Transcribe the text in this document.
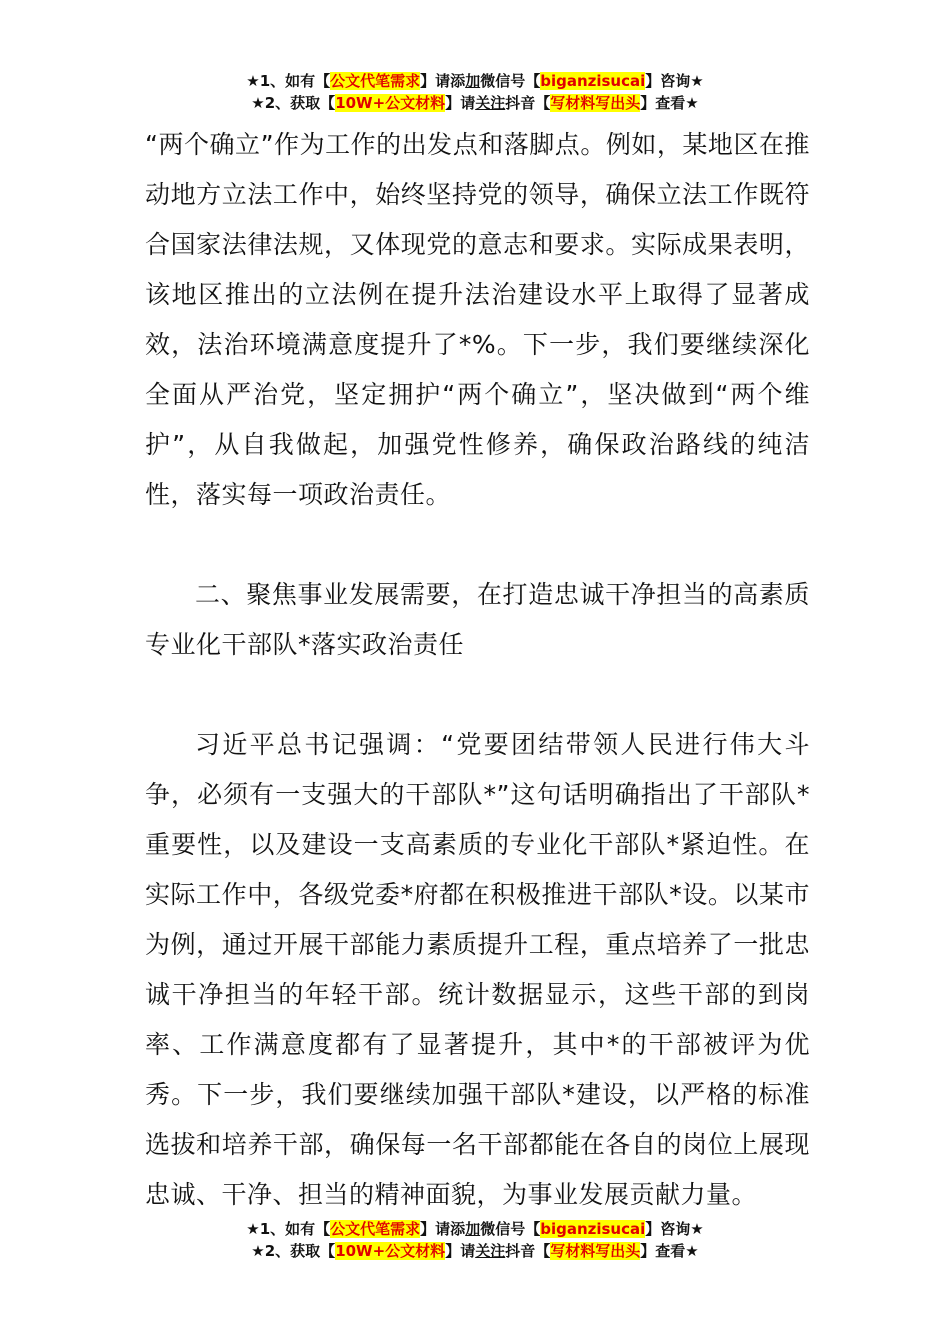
★1、如有【公文代笔需求】请添加微信号【biganzisucai】咨询★
★2、获取【10W+公文材料】请关注抖音【写材料写出头】查看★

“两个确立”作为工作的出发点和落脚点。例如，某地区在推动地方立法工作中，始终坚持党的领导，确保立法工作既符合国家法律法规，又体现党的意志和要求。实际成果表明，该地区推出的立法例在提升法治建设水平上取得了显著成效，法治环境满意度提升了*%。下一步，我们要继续深化全面从严治党，坚定拥护“两个确立”，坚决做到“两个维护”，从自我做起，加强党性修养，确保政治路线的纯洁性，落实每一项政治责任。

二、聚焦事业发展需要，在打造忠诚干净担当的高素质专业化干部队*落实政治责任

习近平总书记强调：“党要团结带领人民进行伟大斗争，必须有一支强大的干部队*”这句话明确指出了干部队*重要性，以及建设一支高素质的专业化干部队*紧迫性。在实际工作中，各级党委*府都在积极推进干部队*设。以某市为例，通过开展干部能力素质提升工程，重点培养了一批忠诚干净担当的年轻干部。统计数据显示，这些干部的到岗率、工作满意度都有了显著提升，其中*的干部被评为优秀。下一步，我们要继续加强干部队*建设，以严格的标准选拔和培养干部，确保每一名干部都能在各自的岗位上展现忠诚、干净、担当的精神面貌，为事业发展贡献力量。

★1、如有【公文代笔需求】请添加微信号【biganzisucai】咨询★
★2、获取【10W+公文材料】请关注抖音【写材料写出头】查看★
